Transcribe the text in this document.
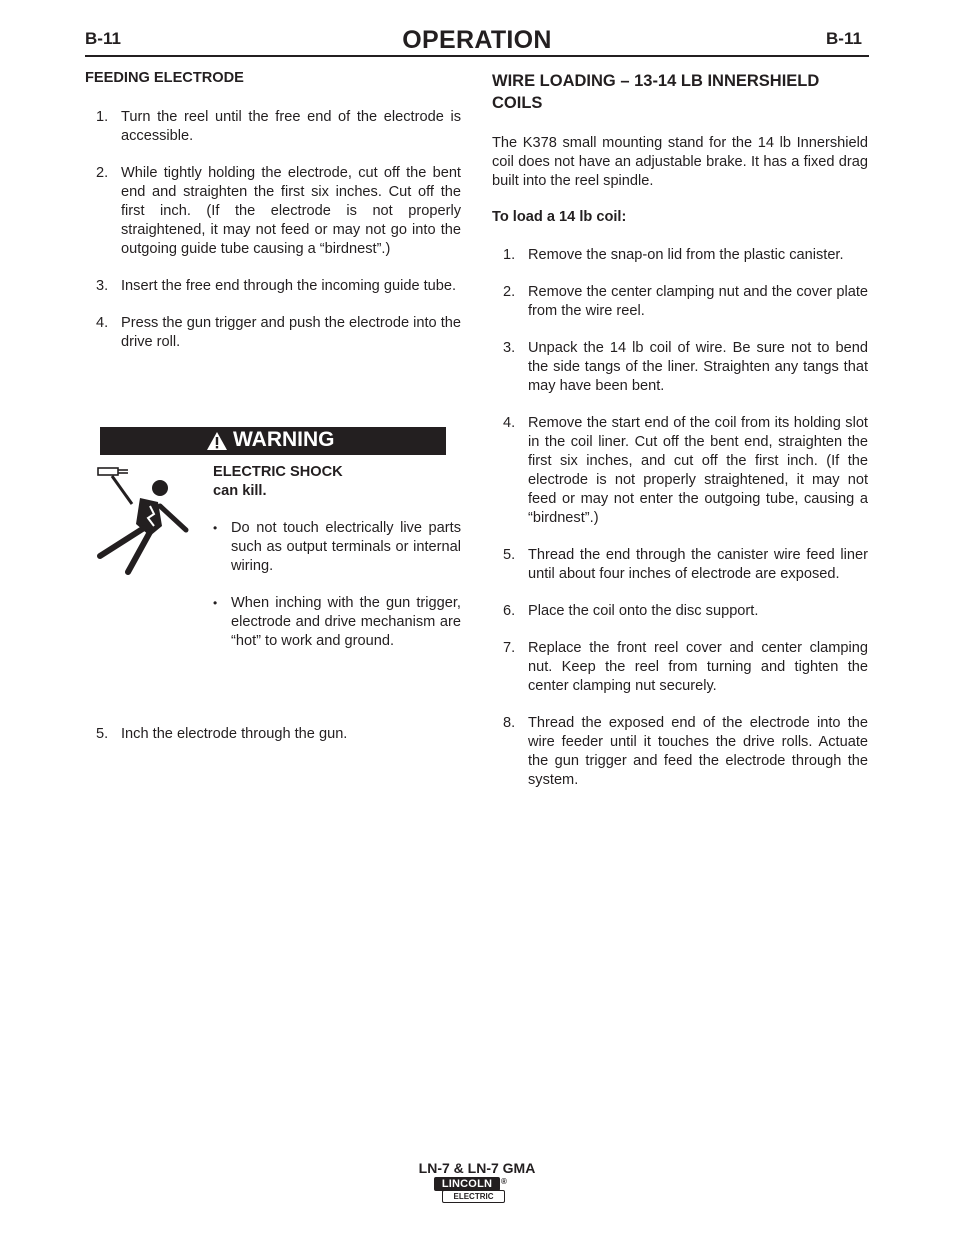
B-11	OPERATION	B-11
FEEDING ELECTRODE
1. Turn the reel until the free end of the electrode is accessible.
2. While tightly holding the electrode, cut off the bent end and straighten the first six inches. Cut off the first inch. (If the electrode is not properly straightened, it may not feed or may not go into the outgoing guide tube causing a “birdnest”.)
3. Insert the free end through the incoming guide tube.
4. Press the gun trigger and push the electrode into the drive roll.
WARNING
ELECTRIC SHOCK
can kill.
• Do not touch electrically live parts such as output terminals or internal wiring.
• When inching with the gun trigger, electrode and drive mechanism are “hot” to work and ground.
5. Inch the electrode through the gun.
WIRE LOADING – 13-14 LB INNERSHIELD COILS
The K378 small mounting stand for the 14 lb Innershield coil does not have an adjustable brake. It has a fixed drag built into the reel spindle.
To load a 14 lb coil:
1. Remove the snap-on lid from the plastic canister.
2. Remove the center clamping nut and the cover plate from the wire reel.
3. Unpack the 14 lb coil of wire. Be sure not to bend the side tangs of the liner. Straighten any tangs that may have been bent.
4. Remove the start end of the coil from its holding slot in the coil liner. Cut off the bent end, straighten the first six inches, and cut off the first inch. (If the electrode is not properly straightened, it may not feed or may not enter the outgoing tube, causing a “birdnest”.)
5. Thread the end through the canister wire feed liner until about four inches of electrode are exposed.
6. Place the coil onto the disc support.
7. Replace the front reel cover and center clamping nut. Keep the reel from turning and tighten the center clamping nut securely.
8. Thread the exposed end of the electrode into the wire feeder until it touches the drive rolls. Actuate the gun trigger and feed the electrode through the system.
LN-7 & LN-7 GMA
LINCOLN
ELECTRIC
®
